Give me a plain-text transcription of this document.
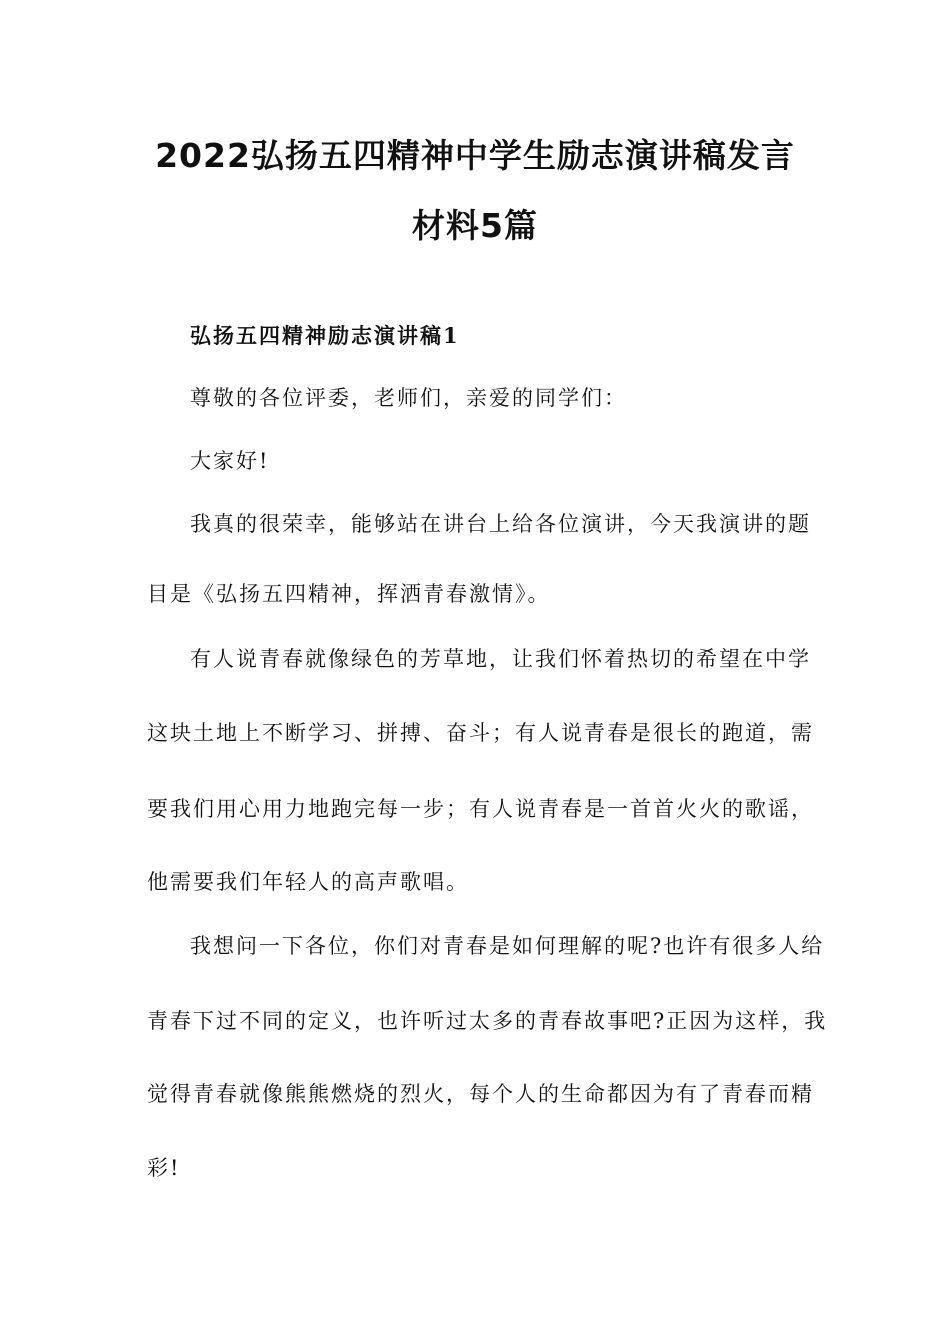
2022弘扬五四精神中学生励志演讲稿发言
材料5篇

弘扬五四精神励志演讲稿1

尊敬的各位评委，老师们，亲爱的同学们：

大家好!

我真的很荣幸，能够站在讲台上给各位演讲，今天我演讲的题

目是《弘扬五四精神，挥洒青春激情》。

有人说青春就像绿色的芳草地，让我们怀着热切的希望在中学

这块土地上不断学习、拼搏、奋斗；有人说青春是很长的跑道，需

要我们用心用力地跑完每一步；有人说青春是一首首火火的歌谣，

他需要我们年轻人的高声歌唱。

我想问一下各位，你们对青春是如何理解的呢?也许有很多人给

青春下过不同的定义，也许听过太多的青春故事吧?正因为这样，我

觉得青春就像熊熊燃烧的烈火，每个人的生命都因为有了青春而精

彩!
